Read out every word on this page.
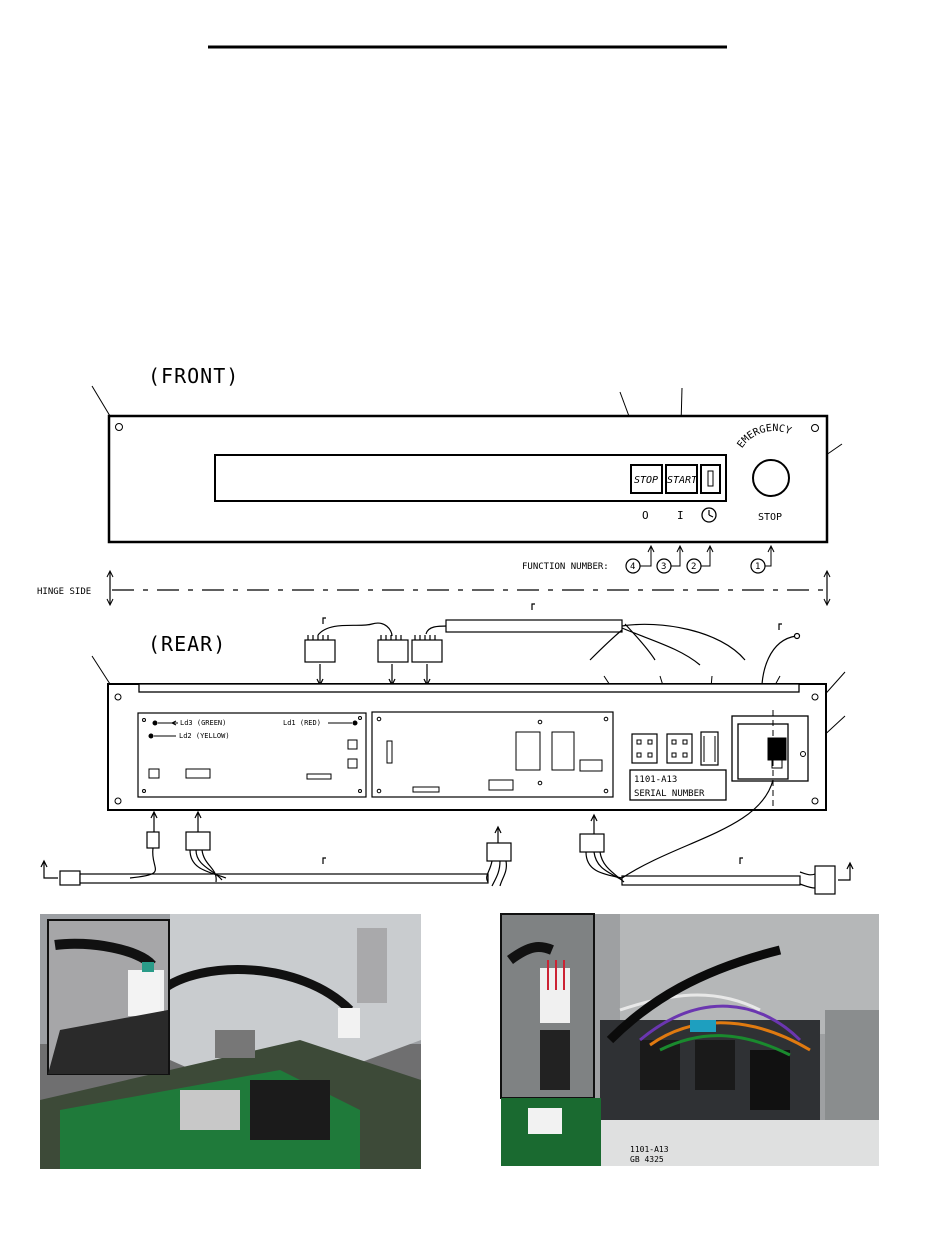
(FRONT)
STOP START
O	I
EMERGENCY
STOP
FUNCTION NUMBER: 4	3	2	1
HINGE SIDE
(REAR)
Ld3 (GREEN)
Ld2 (YELLOW)
Ld1 (RED)
1101-A13
SERIAL NUMBER
1101-A13
GB 4325
